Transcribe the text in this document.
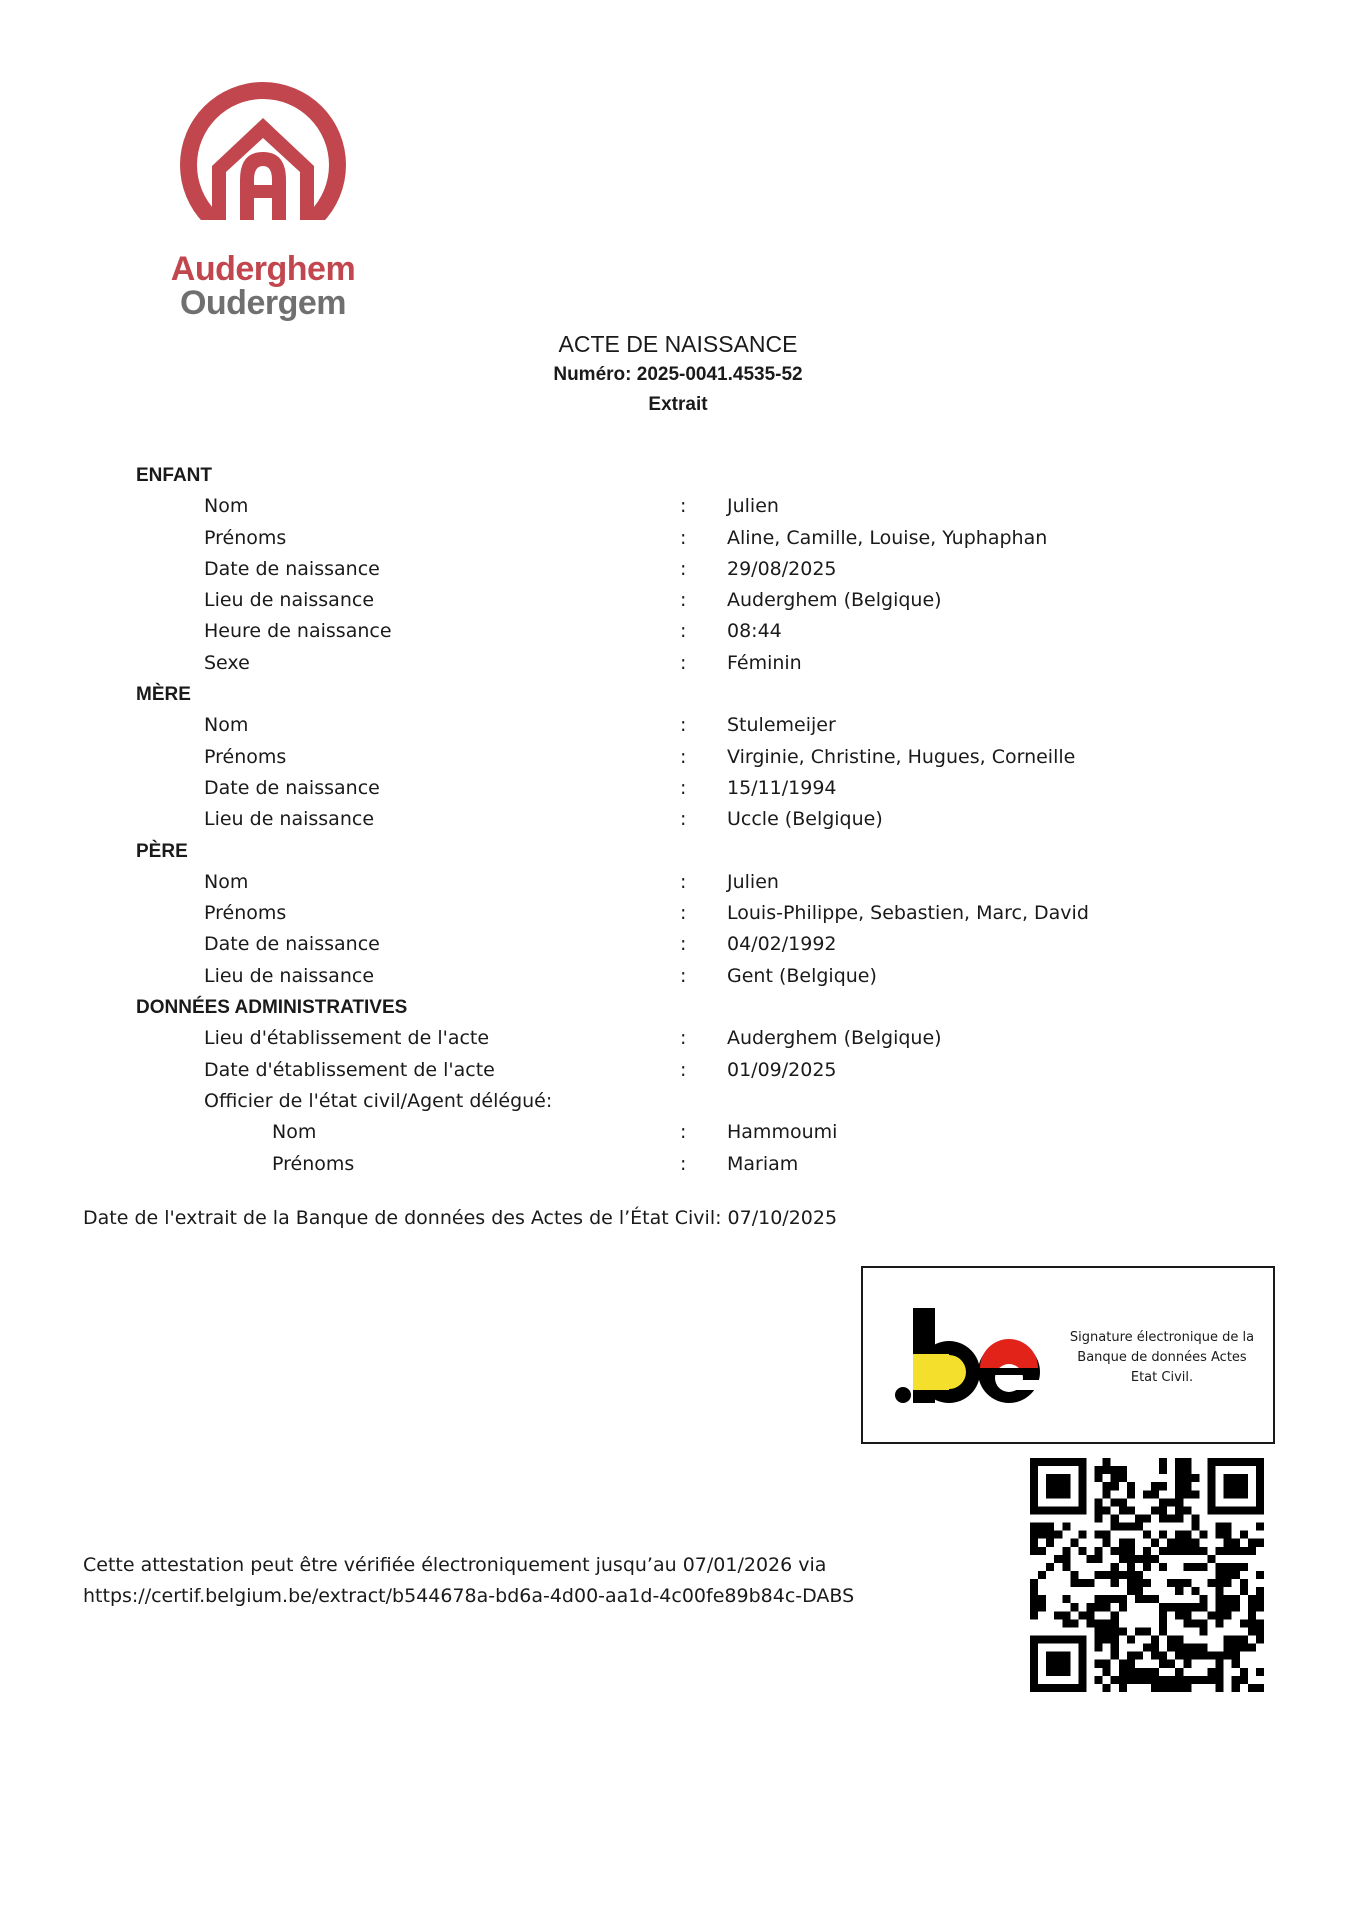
Auderghem
Oudergem
ACTE DE NAISSANCE
Numéro: 2025-0041.4535-52
Extrait
ENFANT
Nom	: Julien
Prénoms	: Aline, Camille, Louise, Yuphaphan
Date de naissance	: 29/08/2025
Lieu de naissance	: Auderghem (Belgique)
Heure de naissance	: 08:44
Sexe	: Féminin
MÈRE
Nom	: Stulemeijer
Prénoms	: Virginie, Christine, Hugues, Corneille
Date de naissance	: 15/11/1994
Lieu de naissance	: Uccle (Belgique)
PÈRE
Nom	: Julien
Prénoms	: Louis-Philippe, Sebastien, Marc, David
Date de naissance	: 04/02/1992
Lieu de naissance	: Gent (Belgique)
DONNÉES ADMINISTRATIVES
Lieu d'établissement de l'acte	: Auderghem (Belgique)
Date d'établissement de l'acte	: 01/09/2025
Officier de l'état civil/Agent délégué:
Nom	: Hammoumi
Prénoms	: Mariam
Date de l'extrait de la Banque de données des Actes de l’État Civil: 07/10/2025
Signature électronique de la
Banque de données Actes
Etat Civil.
Cette attestation peut être vérifiée électroniquement jusqu’au 07/01/2026 via
https://certif.belgium.be/extract/b544678a-bd6a-4d00-aa1d-4c00fe89b84c-DABS
